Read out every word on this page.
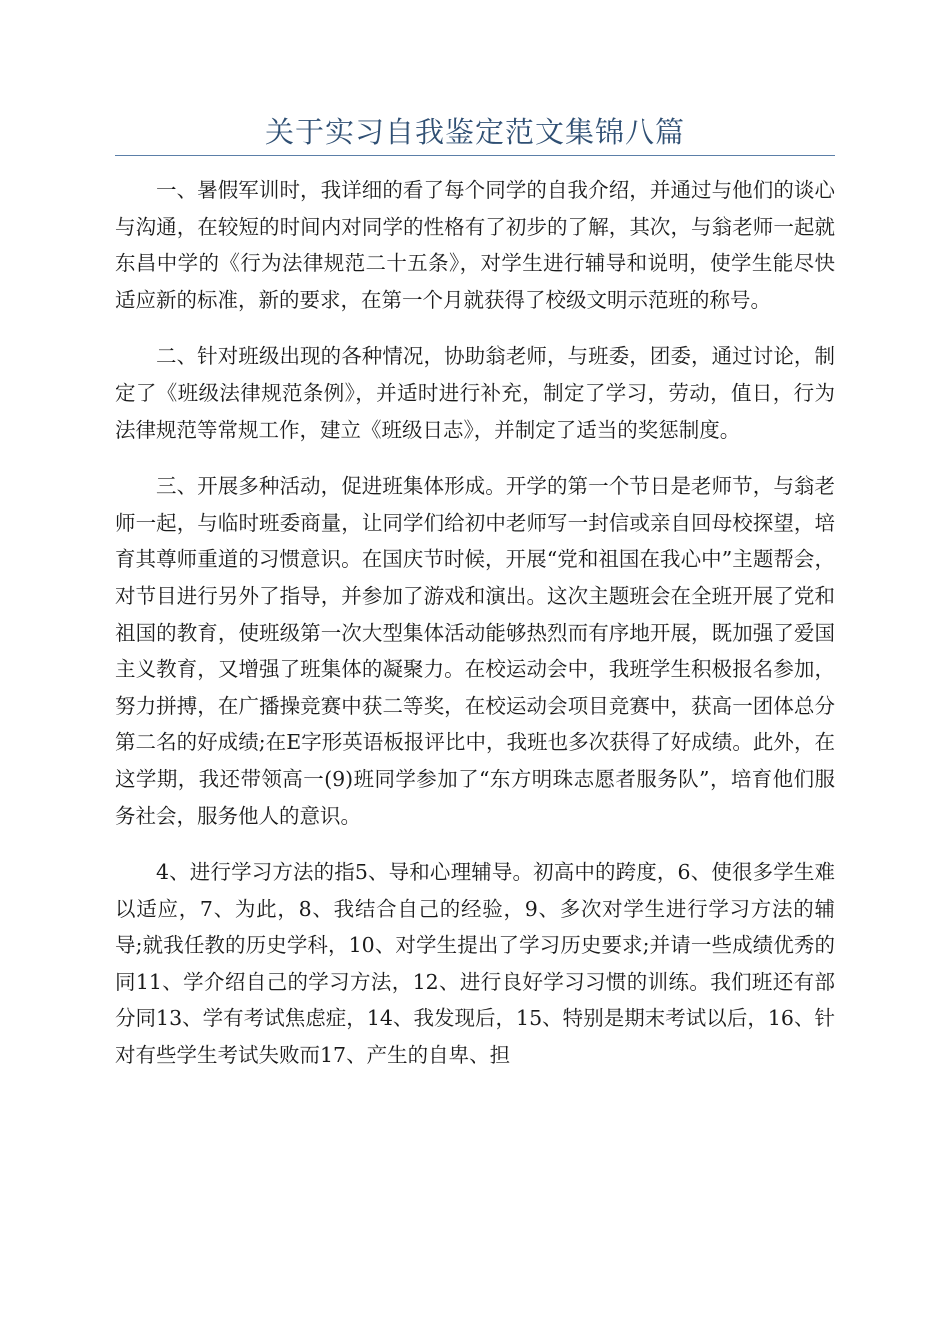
关于实习自我鉴定范文集锦八篇

一、暑假军训时，我详细的看了每个同学的自我介绍，并通过与他们的谈心与沟通，在较短的时间内对同学的性格有了初步的了解，其次，与翁老师一起就东昌中学的《行为法律规范二十五条》，对学生进行辅导和说明，使学生能尽快适应新的标准，新的要求，在第一个月就获得了校级文明示范班的称号。

二、针对班级出现的各种情况，协助翁老师，与班委，团委，通过讨论，制定了《班级法律规范条例》，并适时进行补充，制定了学习，劳动，值日，行为法律规范等常规工作，建立《班级日志》，并制定了适当的奖惩制度。

三、开展多种活动，促进班集体形成。开学的第一个节日是老师节，与翁老师一起，与临时班委商量，让同学们给初中老师写一封信或亲自回母校探望，培育其尊师重道的习惯意识。在国庆节时候，开展“党和祖国在我心中”主题帮会，对节目进行另外了指导，并参加了游戏和演出。这次主题班会在全班开展了党和祖国的教育，使班级第一次大型集体活动能够热烈而有序地开展，既加强了爱国主义教育，又增强了班集体的凝聚力。在校运动会中，我班学生积极报名参加，努力拼搏，在广播操竞赛中获二等奖，在校运动会项目竞赛中，获高一团体总分第二名的好成绩;在E字形英语板报评比中，我班也多次获得了好成绩。此外，在这学期，我还带领高一(9)班同学参加了“东方明珠志愿者服务队”，培育他们服务社会，服务他人的意识。

4、进行学习方法的指5、导和心理辅导。初高中的跨度，6、使很多学生难以适应，7、为此，8、我结合自己的经验，9、多次对学生进行学习方法的辅导;就我任教的历史学科，10、对学生提出了学习历史要求;并请一些成绩优秀的同11、学介绍自己的学习方法，12、进行良好学习习惯的训练。我们班还有部分同13、学有考试焦虑症，14、我发现后，15、特别是期末考试以后，16、针对有些学生考试失败而17、产生的自卑、担
